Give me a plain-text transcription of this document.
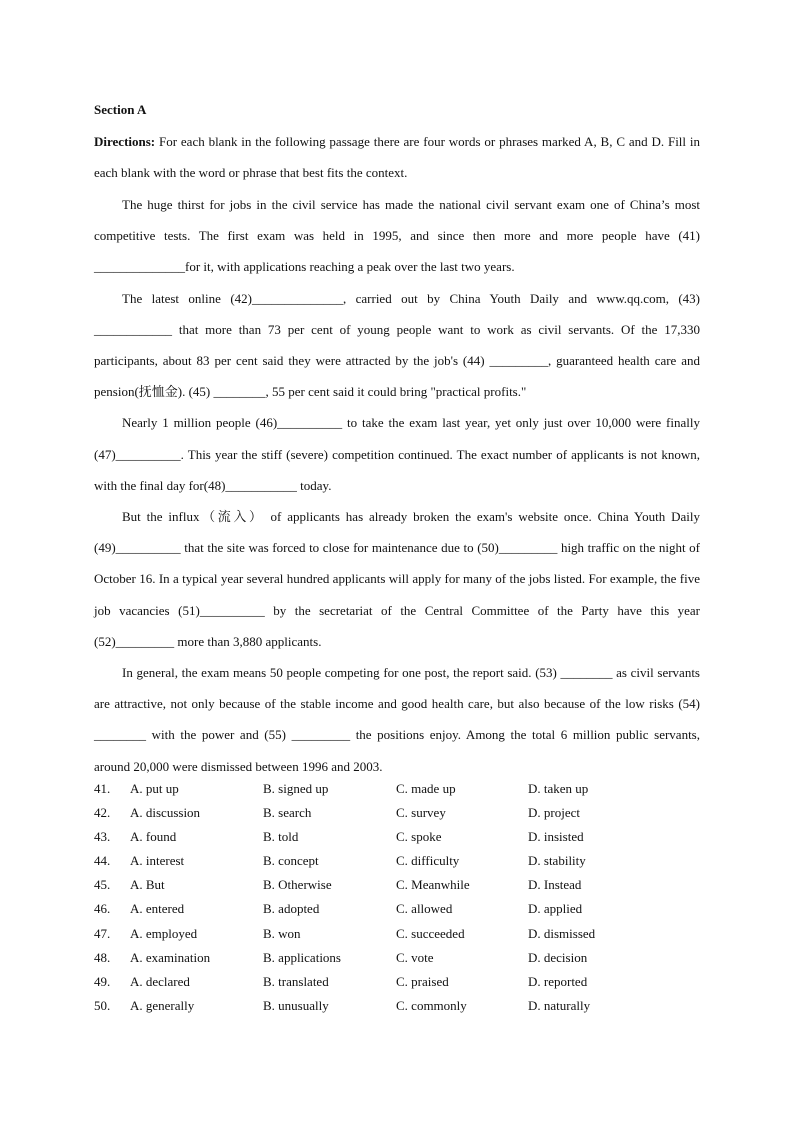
Section A

Directions: For each blank in the following passage there are four words or phrases marked A, B, C and D. Fill in each blank with the word or phrase that best fits the context.

The huge thirst for jobs in the civil service has made the national civil servant exam one of China’s most competitive tests. The first exam was held in 1995, and since then more and more people have (41) ______________for it, with applications reaching a peak over the last two years.

The latest online (42)______________, carried out by China Youth Daily and www.qq.com, (43) ____________ that more than 73 per cent of young people want to work as civil servants. Of the 17,330 participants, about 83 per cent said they were attracted by the job's (44) _________, guaranteed health care and pension(抚恤金). (45) ________, 55 per cent said it could bring "practical profits."

Nearly 1 million people (46)__________ to take the exam last year, yet only just over 10,000 were finally (47)__________. This year the stiff (severe) competition continued. The exact number of applicants is not known, with the final day for(48)___________ today.

But the influx（流入） of applicants has already broken the exam's website once. China Youth Daily (49)__________ that the site was forced to close for maintenance due to (50)_________ high traffic on the night of October 16. In a typical year several hundred applicants will apply for many of the jobs listed. For example, the five job vacancies (51)__________ by the secretariat of the Central Committee of the Party have this year (52)_________ more than 3,880 applicants.

In general, the exam means 50 people competing for one post, the report said. (53) ________ as civil servants are attractive, not only because of the stable income and good health care, but also because of the low risks (54) ________ with the power and (55) _________ the positions enjoy. Among the total 6 million public servants, around 20,000 were dismissed between 1996 and 2003.

41. A. put up	B. signed up	C. made up	D. taken up
42. A. discussion	B. search	C. survey	D. project
43. A. found	B. told	C. spoke	D. insisted
44. A. interest	B. concept	C. difficulty	D. stability
45. A. But	B. Otherwise	C. Meanwhile	D. Instead
46. A. entered	B. adopted	C. allowed	D. applied
47. A. employed	B. won	C. succeeded	D. dismissed
48. A. examination	B. applications	C. vote	D. decision
49. A. declared	B. translated	C. praised	D. reported
50. A. generally	B. unusually	C. commonly	D. naturally
